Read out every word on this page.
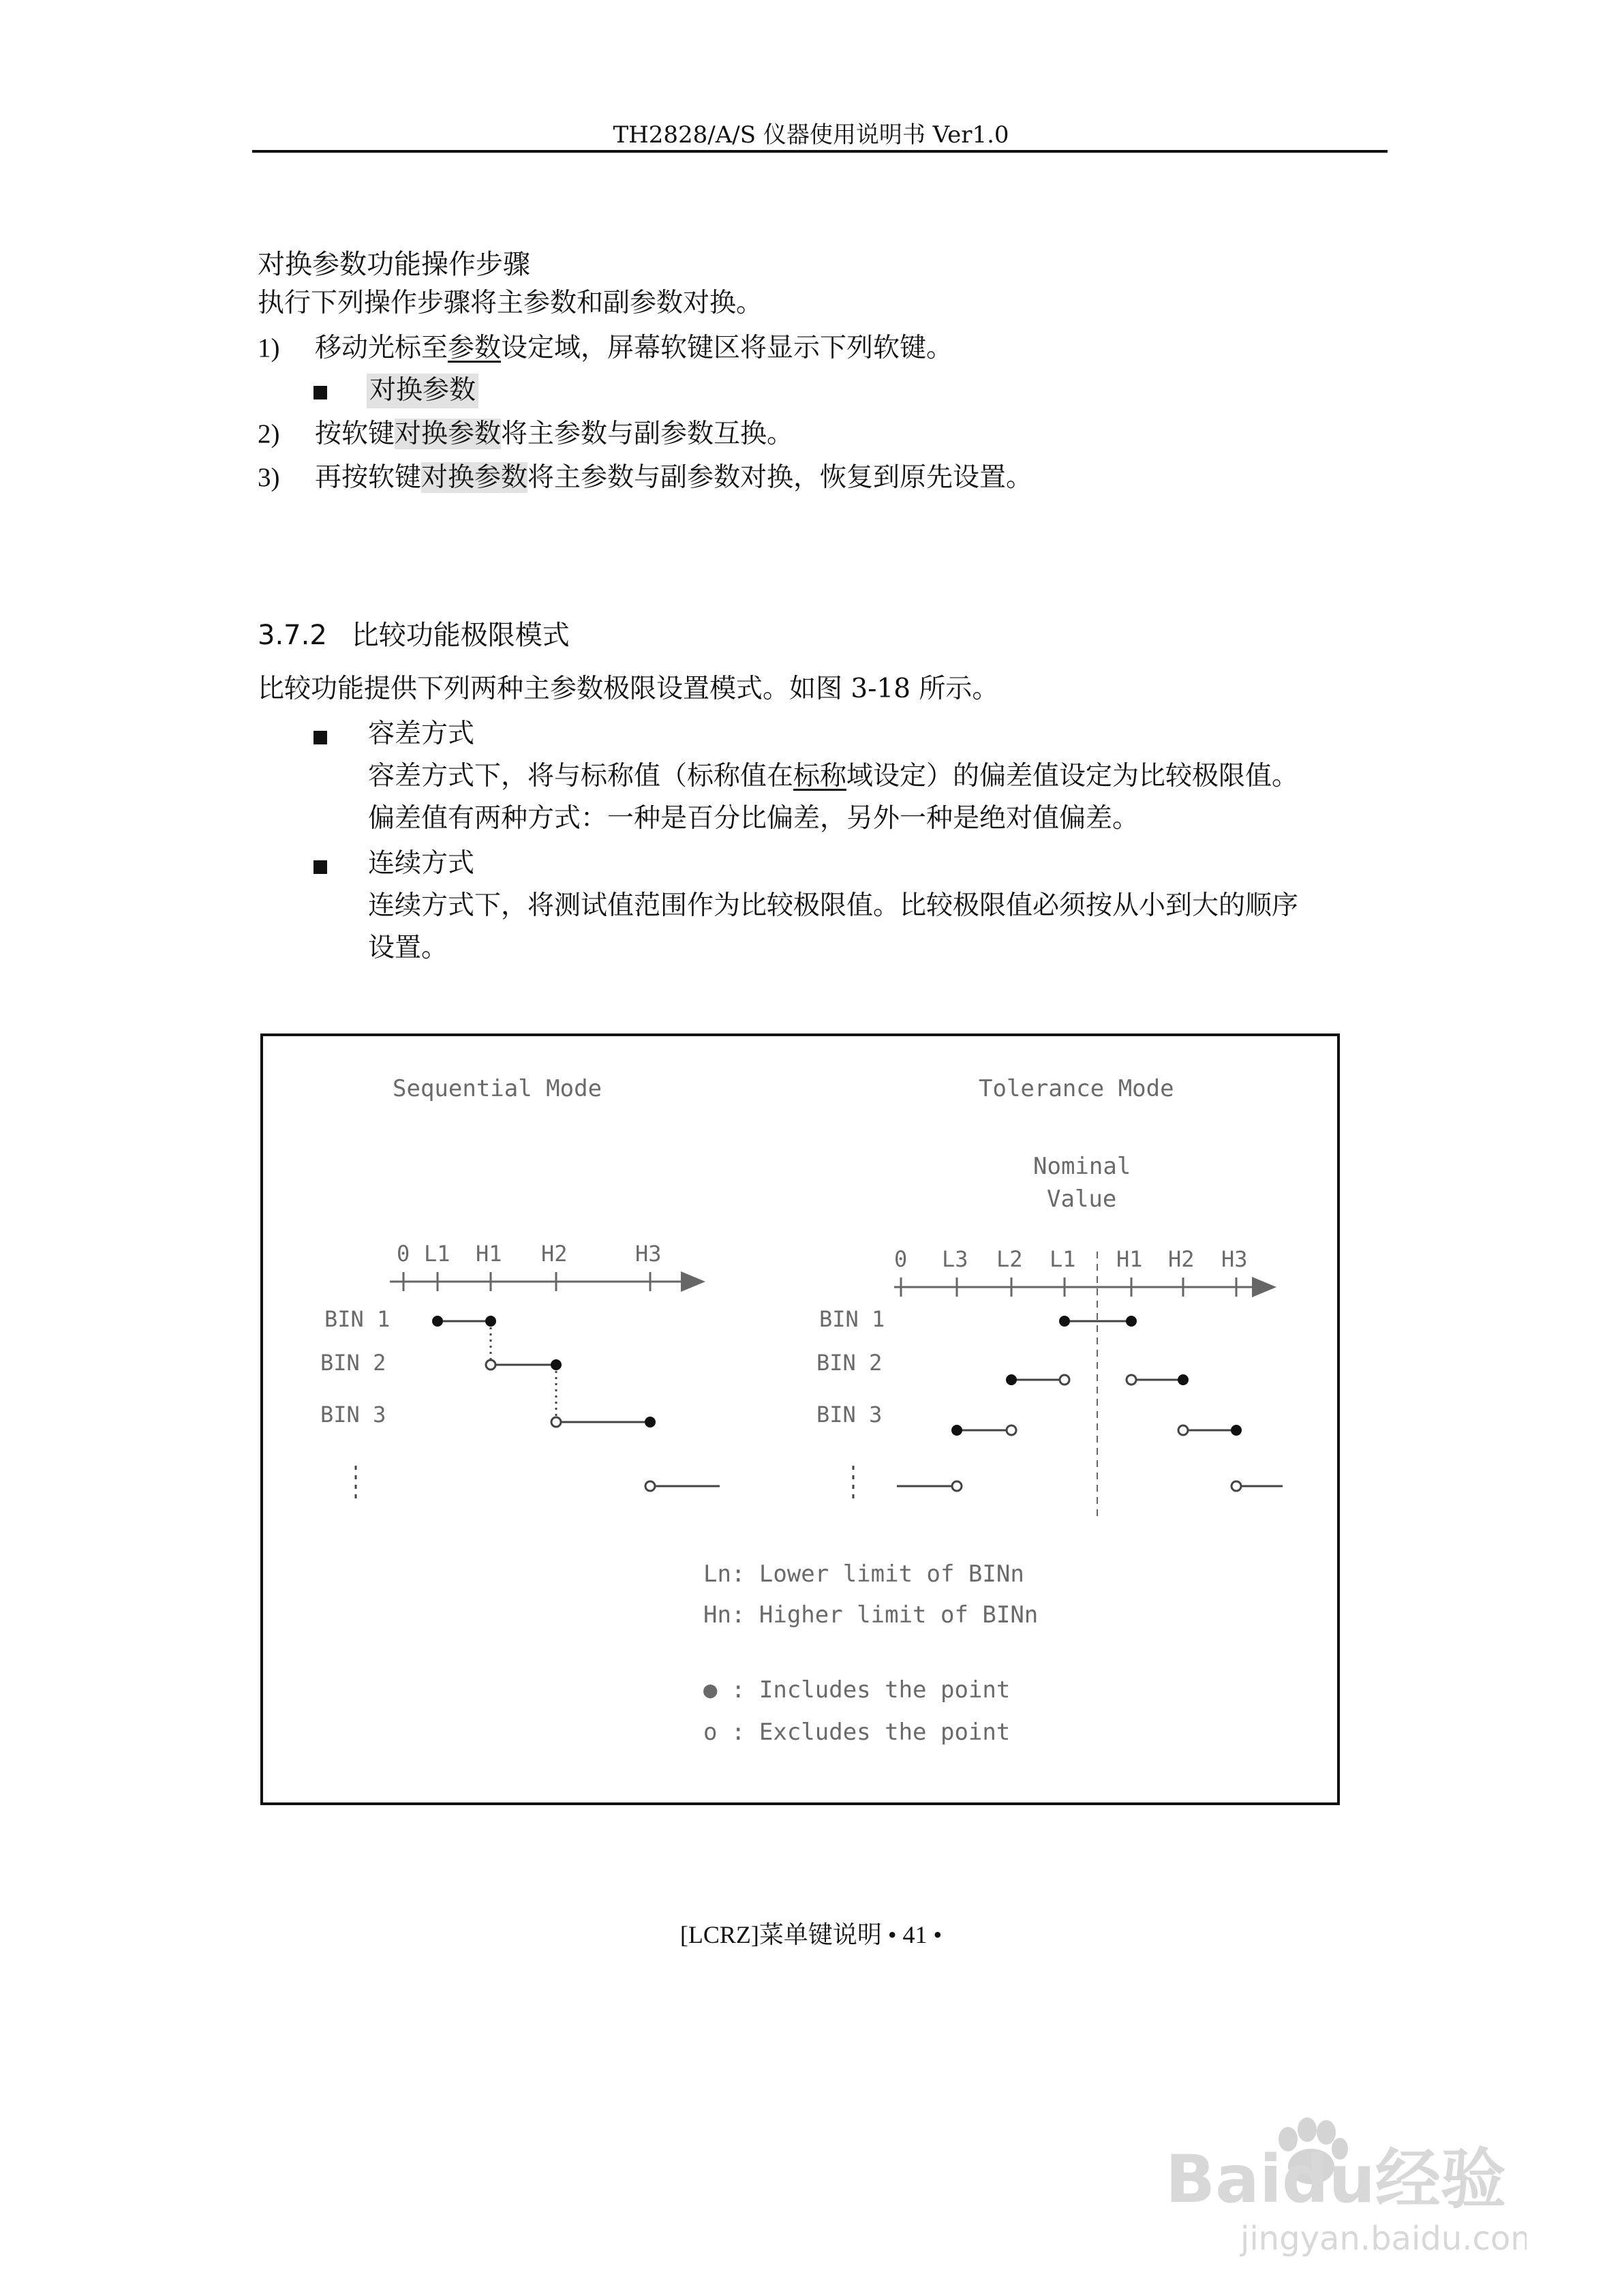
TH2828/A/S 仪器使用说明书 Ver1.0
对换参数功能操作步骤
执行下列操作步骤将主参数和副参数对换。
1) 移动光标至参数设定域，屏幕软键区将显示下列软键。
对换参数
2) 按软键对换参数将主参数与副参数互换。
3) 再按软键对换参数将主参数与副参数对换，恢复到原先设置。
3.7.2 比较功能极限模式
比较功能提供下列两种主参数极限设置模式。如图 3-18 所示。
容差方式
容差方式下，将与标称值（标称值在标称域设定）的偏差值设定为比较极限值。
偏差值有两种方式：一种是百分比偏差，另外一种是绝对值偏差。
连续方式
连续方式下，将测试值范围作为比较极限值。比较极限值必须按从小到大的顺序
设置。
Sequential Mode	Tolerance Mode
Nominal
Value
0 L1 H1 H2	H3
BIN 1
BIN 2
BIN 3
0 L3 L2 L1 H1 H2 H3
BIN 1
BIN 2
BIN 3
Ln: Lower limit of BINn
Hn: Higher limit of BINn
● : Includes the point
o : Excludes the point
[LCRZ]菜单键说明 • 41 •
Baidu经验
jingyan.baidu.com
